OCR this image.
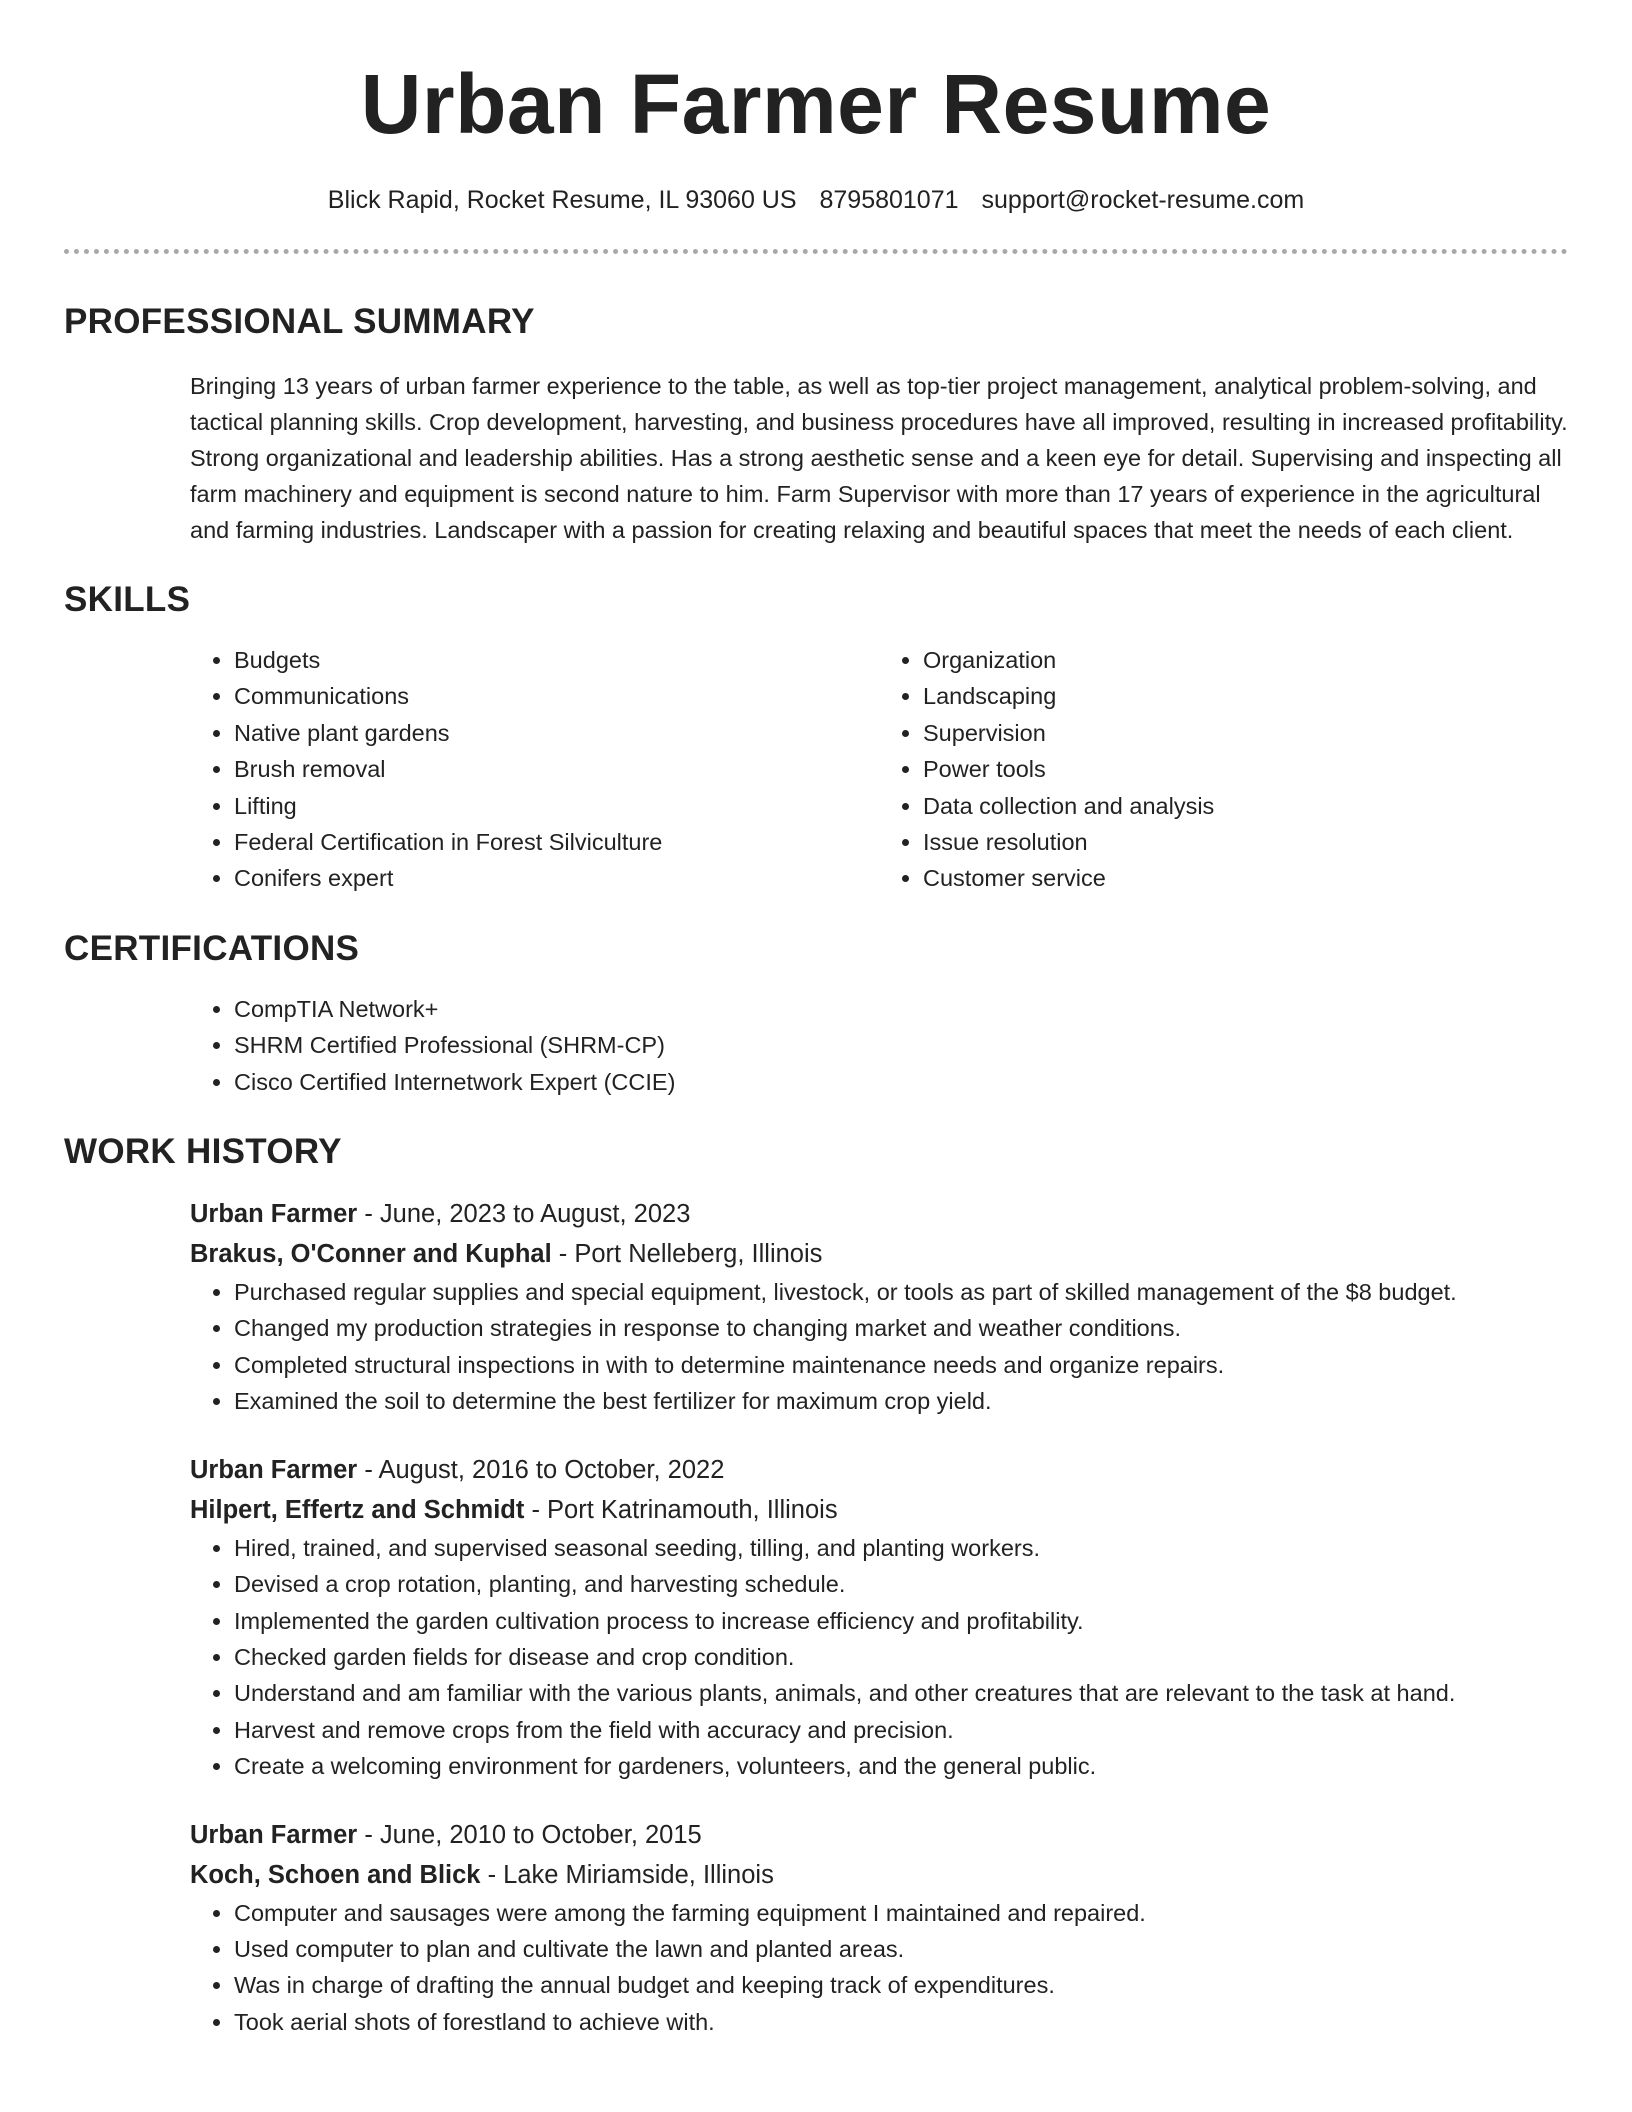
Urban Farmer Resume
Blick Rapid, Rocket Resume, IL 93060 US 8795801071 support@rocket-resume.com
PROFESSIONAL SUMMARY

Bringing 13 years of urban farmer experience to the table, as well as top-tier project management, analytical problem-solving, and tactical planning skills. Crop development, harvesting, and business procedures have all improved, resulting in increased profitability. Strong organizational and leadership abilities. Has a strong aesthetic sense and a keen eye for detail. Supervising and inspecting all farm machinery and equipment is second nature to him. Farm Supervisor with more than 17 years of experience in the agricultural and farming industries. Landscaper with a passion for creating relaxing and beautiful spaces that meet the needs of each client.

SKILLS
• Budgets
• Communications
• Native plant gardens
• Brush removal
• Lifting
• Federal Certification in Forest Silviculture
• Conifers expert
• Organization
• Landscaping
• Supervision
• Power tools
• Data collection and analysis
• Issue resolution
• Customer service
CERTIFICATIONS
• CompTIA Network+
• SHRM Certified Professional (SHRM-CP)
• Cisco Certified Internetwork Expert (CCIE)
WORK HISTORY
Urban Farmer - June, 2023 to August, 2023
Brakus, O'Conner and Kuphal - Port Nelleberg, Illinois
• Purchased regular supplies and special equipment, livestock, or tools as part of skilled management of the $8 budget.
• Changed my production strategies in response to changing market and weather conditions.
• Completed structural inspections in with to determine maintenance needs and organize repairs.
• Examined the soil to determine the best fertilizer for maximum crop yield.
Urban Farmer - August, 2016 to October, 2022
Hilpert, Effertz and Schmidt - Port Katrinamouth, Illinois
• Hired, trained, and supervised seasonal seeding, tilling, and planting workers.
• Devised a crop rotation, planting, and harvesting schedule.
• Implemented the garden cultivation process to increase efficiency and profitability.
• Checked garden fields for disease and crop condition.
• Understand and am familiar with the various plants, animals, and other creatures that are relevant to the task at hand.
• Harvest and remove crops from the field with accuracy and precision.
• Create a welcoming environment for gardeners, volunteers, and the general public.
Urban Farmer - June, 2010 to October, 2015
Koch, Schoen and Blick - Lake Miriamside, Illinois
• Computer and sausages were among the farming equipment I maintained and repaired.
• Used computer to plan and cultivate the lawn and planted areas.
• Was in charge of drafting the annual budget and keeping track of expenditures.
• Took aerial shots of forestland to achieve with.
